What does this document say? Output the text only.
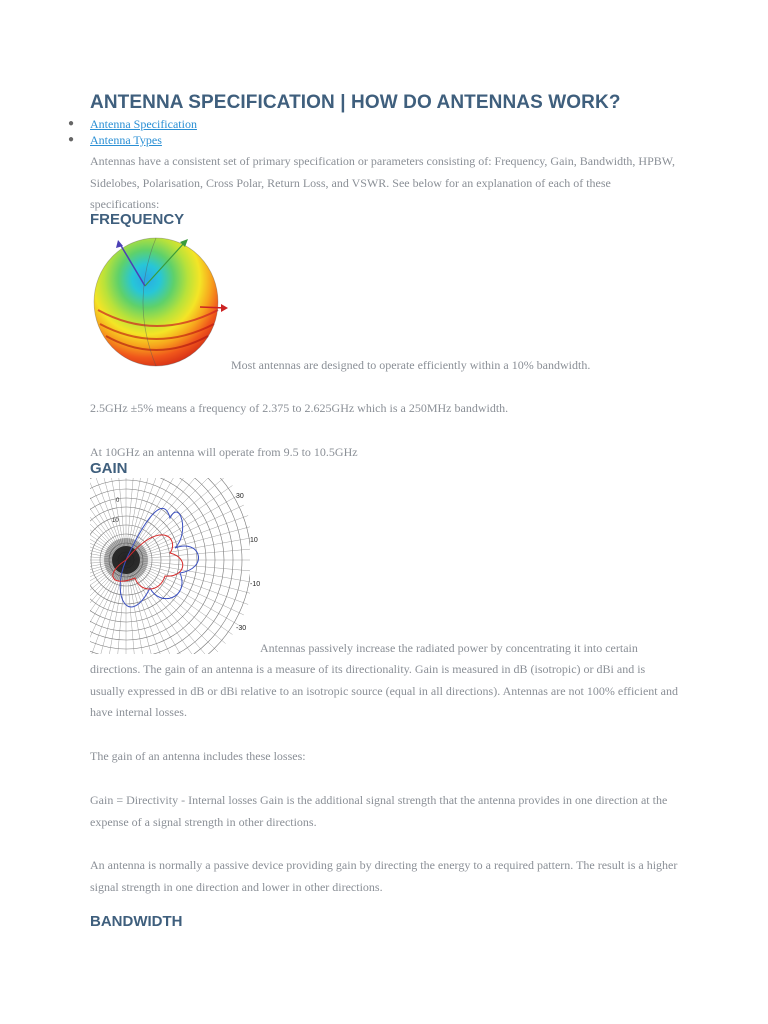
ANTENNA SPECIFICATION | HOW DO ANTENNAS WORK?
● Antenna Specification
● Antenna Types

Antennas have a consistent set of primary specification or parameters consisting of: Frequency, Gain, Bandwidth, HPBW, Sidelobes, Polarisation, Cross Polar, Return Loss, and VSWR. See below for an explanation of each of these specifications:

FREQUENCY
Most antennas are designed to operate efficiently within a 10% bandwidth.

2.5GHz ±5% means a frequency of 2.375 to 2.625GHz which is a 250MHz bandwidth.

At 10GHz an antenna will operate from 9.5 to 10.5GHz

GAIN
30
10
-10
-30
0
10
Antennas passively increase the radiated power by concentrating it into certain

directions. The gain of an antenna is a measure of its directionality. Gain is measured in dB (isotropic) or dBi and is usually expressed in dB or dBi relative to an isotropic source (equal in all directions). Antennas are not 100% efficient and have internal losses.

The gain of an antenna includes these losses:

Gain = Directivity - Internal losses Gain is the additional signal strength that the antenna provides in one direction at the expense of a signal strength in other directions.

An antenna is normally a passive device providing gain by directing the energy to a required pattern. The result is a higher signal strength in one direction and lower in other directions.

BANDWIDTH
